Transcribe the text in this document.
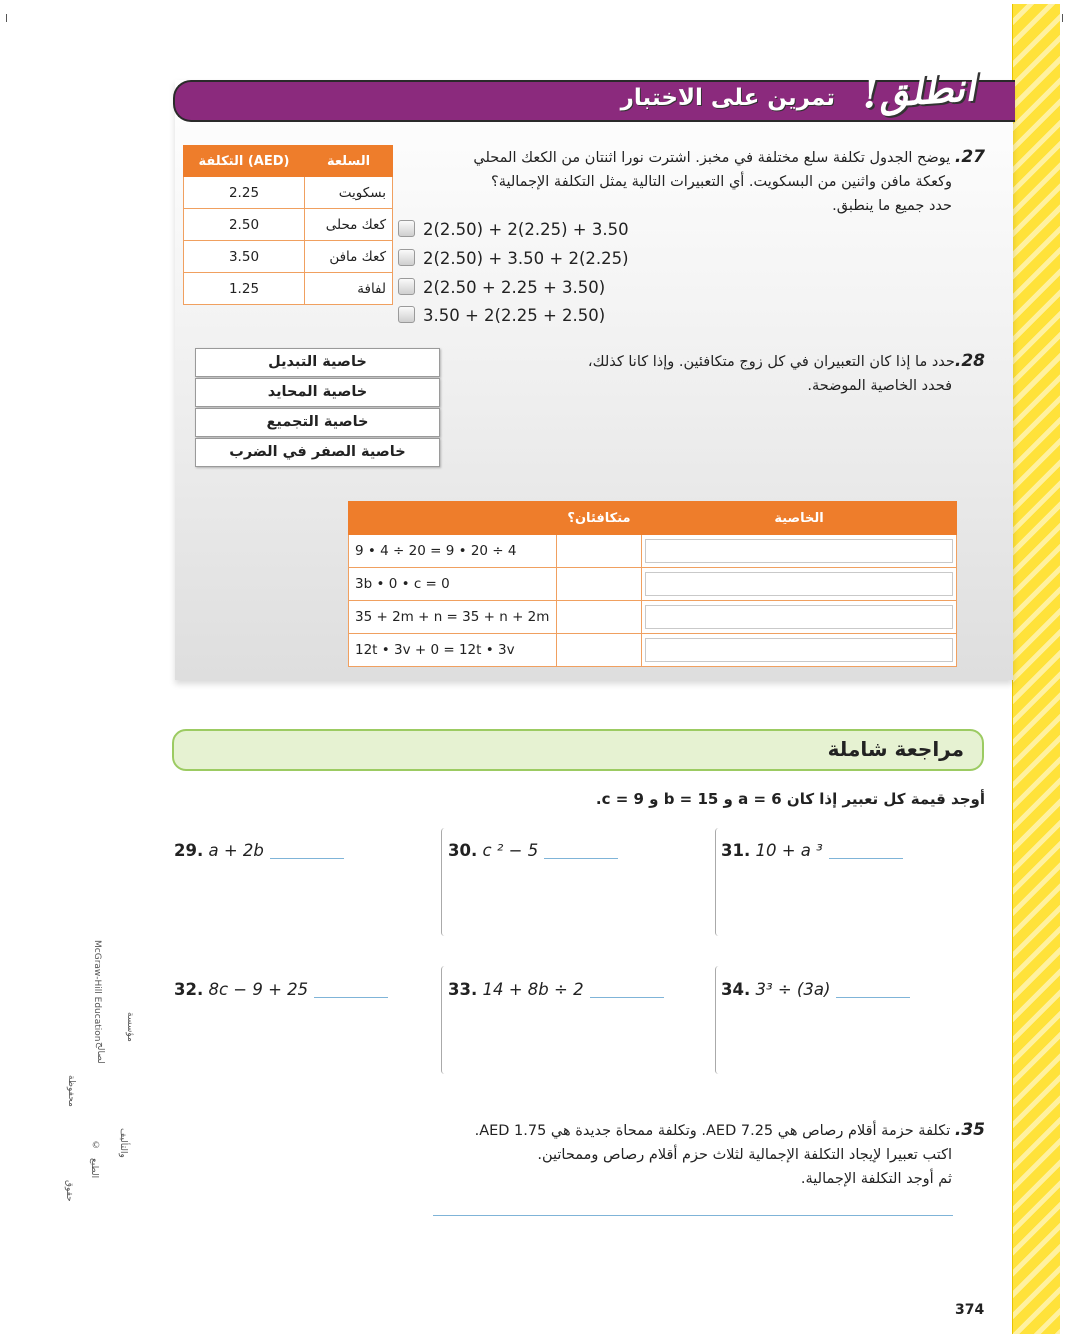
انطلق!
تمرين على الاختبار
27. يوضح الجدول تكلفة سلع مختلفة في مخبز. اشترت نورا اثنتان من الكعك المحلي
وكعكة مافن واثنين من البسكويت. أي التعبيرات التالية يمثل التكلفة الإجمالية؟
حدد جميع ما ينطبق.
التكلفة (AED)	السلعة
2.25	بسكويت
2.50	كعك محلى
3.50	كعك مافن
1.25	لفافة
2(2.50) + 2(2.25) + 3.50
2(2.50) + 3.50 + 2(2.25)
2(2.50 + 2.25 + 3.50)
3.50 + 2(2.25 + 2.50)
28.حدد ما إذا كان التعبيران في كل زوج متكافئين. وإذا كانا كذلك،
فحدد الخاصية الموضحة.
خاصية التبديل
خاصية المحايد
خاصية التجميع
خاصية الصفر في الضرب
	متكافئان؟	الخاصية
9 • 4 ÷ 20 = 9 • 20 ÷ 4		

3b • 0 • c = 0		

35 + 2m + n = 35 + n + 2m		

12t • 3v + 0 = 12t • 3v		
مراجعة شاملة
أوجد قيمة كل تعبير إذا كان a = 6 و b = 15 و c = 9.
29. a + 2b	30. c ² − 5	31. 10 + a ³
32. 8c − 9 + 25	33. 14 + 8b ÷ 2	34. 3³ ÷ (3a)
35. تكلفة حزمة أقلام رصاص هي AED 7.25. وتكلفة ممحاة جديدة هي AED 1.75.
اكتب تعبيرا لإيجاد التكلفة الإجمالية لثلاث حزم أقلام رصاص وممحاتين.
ثم أوجد التكلفة الإجمالية.
McGraw-Hill Education	مؤسسة
لصالح
محفوظة
والتأليف
©
الطبع
حقوق
374
